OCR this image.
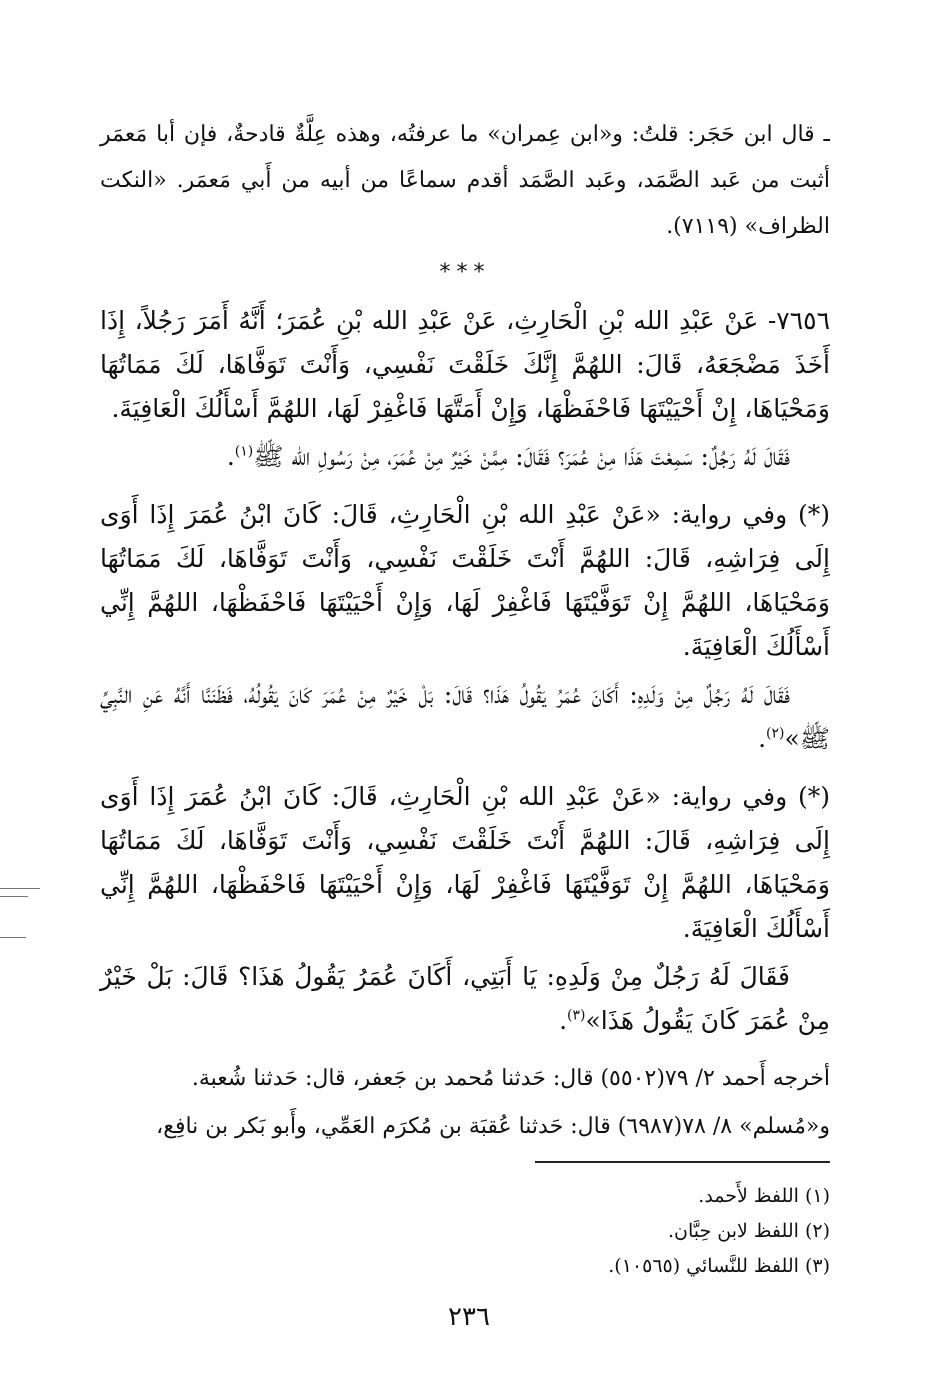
ـ قال ابن حَجَر: قلتُ: و«ابن عِمران» ما عرفتُه، وهذه عِلَّةٌ قادحةٌ، فإن أبا مَعمَر أثبت من عَبد الصَّمَد، وعَبد الصَّمَد أقدم سماعًا من أبيه من أَبي مَعمَر. «النكت الظراف» (٧١١٩).

***

٧٦٥٦- عَنْ عَبْدِ الله بْنِ الْحَارِثِ، عَنْ عَبْدِ الله بْنِ عُمَرَ؛ أَنَّهُ أَمَرَ رَجُلاً، إِذَا أَخَذَ مَضْجَعَهُ، قَالَ: اللهُمَّ إِنَّكَ خَلَقْتَ نَفْسِي، وَأَنْتَ تَوَفَّاهَا، لَكَ مَمَاتُهَا وَمَحْيَاهَا، إِنْ أَحْيَيْتَهَا فَاحْفَظْهَا، وَإِنْ أَمَتَّهَا فَاغْفِرْ لَهَا، اللهُمَّ أَسْأَلُكَ الْعَافِيَةَ.

فَقَالَ لَهُ رَجُلٌ: سَمِعْتَ هَذَا مِنْ عُمَرَ؟ فَقَالَ: مِمَّنْ خَيْرٌ مِنْ عُمَرَ، مِنْ رَسُولِ الله ﷺ$^{(١)}$.

(*) وفي رواية: «عَنْ عَبْدِ الله بْنِ الْحَارِثِ، قَالَ: كَانَ ابْنُ عُمَرَ إِذَا أَوَى إِلَى فِرَاشِهِ، قَالَ: اللهُمَّ أَنْتَ خَلَقْتَ نَفْسِي، وَأَنْتَ تَوَفَّاهَا، لَكَ مَمَاتُهَا وَمَحْيَاهَا، اللهُمَّ إِنْ تَوَفَّيْتَهَا فَاغْفِرْ لَهَا، وَإِنْ أَحْيَيْتَهَا فَاحْفَظْهَا، اللهُمَّ إِنِّي أَسْأَلُكَ الْعَافِيَةَ.

فَقَالَ لَهُ رَجُلٌ مِنْ وَلَدِهِ: أَكَانَ عُمَرُ يَقُولُ هَذَا؟ قَالَ: بَلْ خَيْرٌ مِنْ عُمَرَ كَانَ يَقُولُهُ، فَظَنَنَّا أَنَّهُ عَنِ النَّبِيِّ ﷺ»$^{(٢)}$.

(*) وفي رواية: «عَنْ عَبْدِ الله بْنِ الْحَارِثِ، قَالَ: كَانَ ابْنُ عُمَرَ إِذَا أَوَى إِلَى فِرَاشِهِ، قَالَ: اللهُمَّ أَنْتَ خَلَقْتَ نَفْسِي، وَأَنْتَ تَوَفَّاهَا، لَكَ مَمَاتُهَا وَمَحْيَاهَا، اللهُمَّ إِنْ تَوَفَّيْتَهَا فَاغْفِرْ لَهَا، وَإِنْ أَحْيَيْتَهَا فَاحْفَظْهَا، اللهُمَّ إِنِّي أَسْأَلُكَ الْعَافِيَةَ.

فَقَالَ لَهُ رَجُلٌ مِنْ وَلَدِهِ: يَا أَبَتِي، أَكَانَ عُمَرُ يَقُولُ هَذَا؟ قَالَ: بَلْ خَيْرٌ مِنْ عُمَرَ كَانَ يَقُولُ هَذَا»$^{(٣)}$.

أخرجه أَحمد ٢/ ٧٩(٥٥٠٢) قال: حَدثنا مُحمد بن جَعفر، قال: حَدثنا شُعبة.

و«مُسلم» ٨/ ٧٨(٦٩٨٧) قال: حَدثنا عُقبَة بن مُكرَم العَمِّي، وأَبو بَكر بن نافِع،

(١) اللفظ لأَحمد.

(٢) اللفظ لابن حِبَّان.

(٣) اللفظ للنَّسائي (١٠٥٦٥).

٢٣٦
